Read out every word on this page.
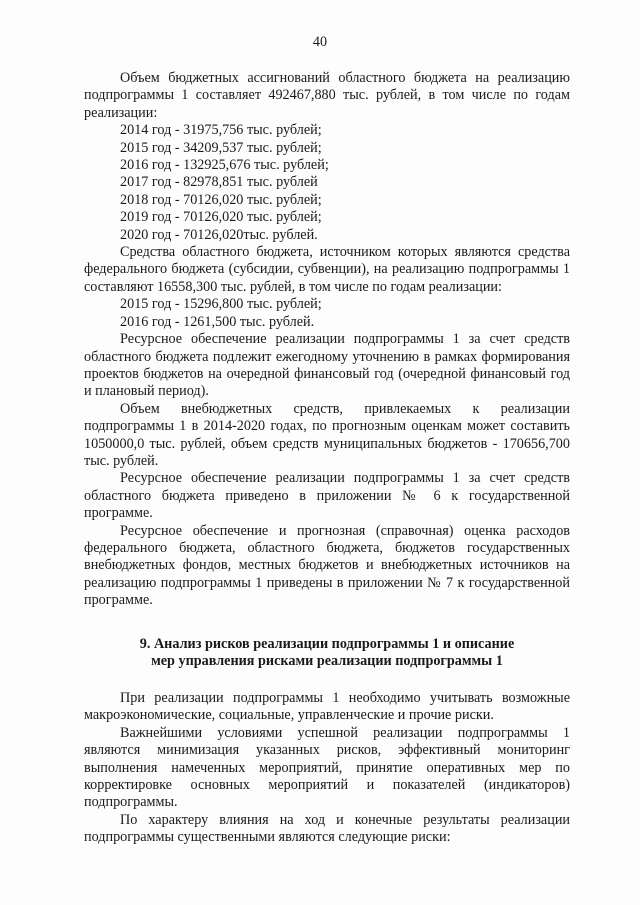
40
Объем бюджетных ассигнований областного бюджета на реализацию подпрограммы 1 составляет 492467,880 тыс. рублей, в том числе по годам реализации:
2014 год - 31975,756 тыс. рублей;
2015 год - 34209,537 тыс. рублей;
2016 год - 132925,676 тыс. рублей;
2017 год - 82978,851 тыс. рублей
2018 год - 70126,020 тыс. рублей;
2019 год - 70126,020 тыс. рублей;
2020 год - 70126,020тыс. рублей.
Средства областного бюджета, источником которых являются средства федерального бюджета (субсидии, субвенции), на реализацию подпрограммы 1 составляют 16558,300 тыс. рублей, в том числе по годам реализации:
2015 год - 15296,800 тыс. рублей;
2016 год - 1261,500 тыс. рублей.
Ресурсное обеспечение реализации подпрограммы 1 за счет средств областного бюджета подлежит ежегодному уточнению в рамках формирования проектов бюджетов на очередной финансовый год (очередной финансовый год и плановый период).
Объем внебюджетных средств, привлекаемых к реализации подпрограммы 1 в 2014-2020 годах, по прогнозным оценкам может составить 1050000,0 тыс. рублей, объем средств муниципальных бюджетов - 170656,700 тыс. рублей.
Ресурсное обеспечение реализации подпрограммы 1 за счет средств областного бюджета приведено в приложении № 6 к государственной программе.
Ресурсное обеспечение и прогнозная (справочная) оценка расходов федерального бюджета, областного бюджета, бюджетов государственных внебюджетных фондов, местных бюджетов и внебюджетных источников на реализацию подпрограммы 1 приведены в приложении № 7 к государственной программе.
9. Анализ рисков реализации подпрограммы 1 и описание
мер управления рисками реализации подпрограммы 1
При реализации подпрограммы 1 необходимо учитывать возможные макроэкономические, социальные, управленческие и прочие риски.
Важнейшими условиями успешной реализации подпрограммы 1 являются минимизация указанных рисков, эффективный мониторинг выполнения намеченных мероприятий, принятие оперативных мер по корректировке основных мероприятий и показателей (индикаторов) подпрограммы.
По характеру влияния на ход и конечные результаты реализации подпрограммы существенными являются следующие риски:
